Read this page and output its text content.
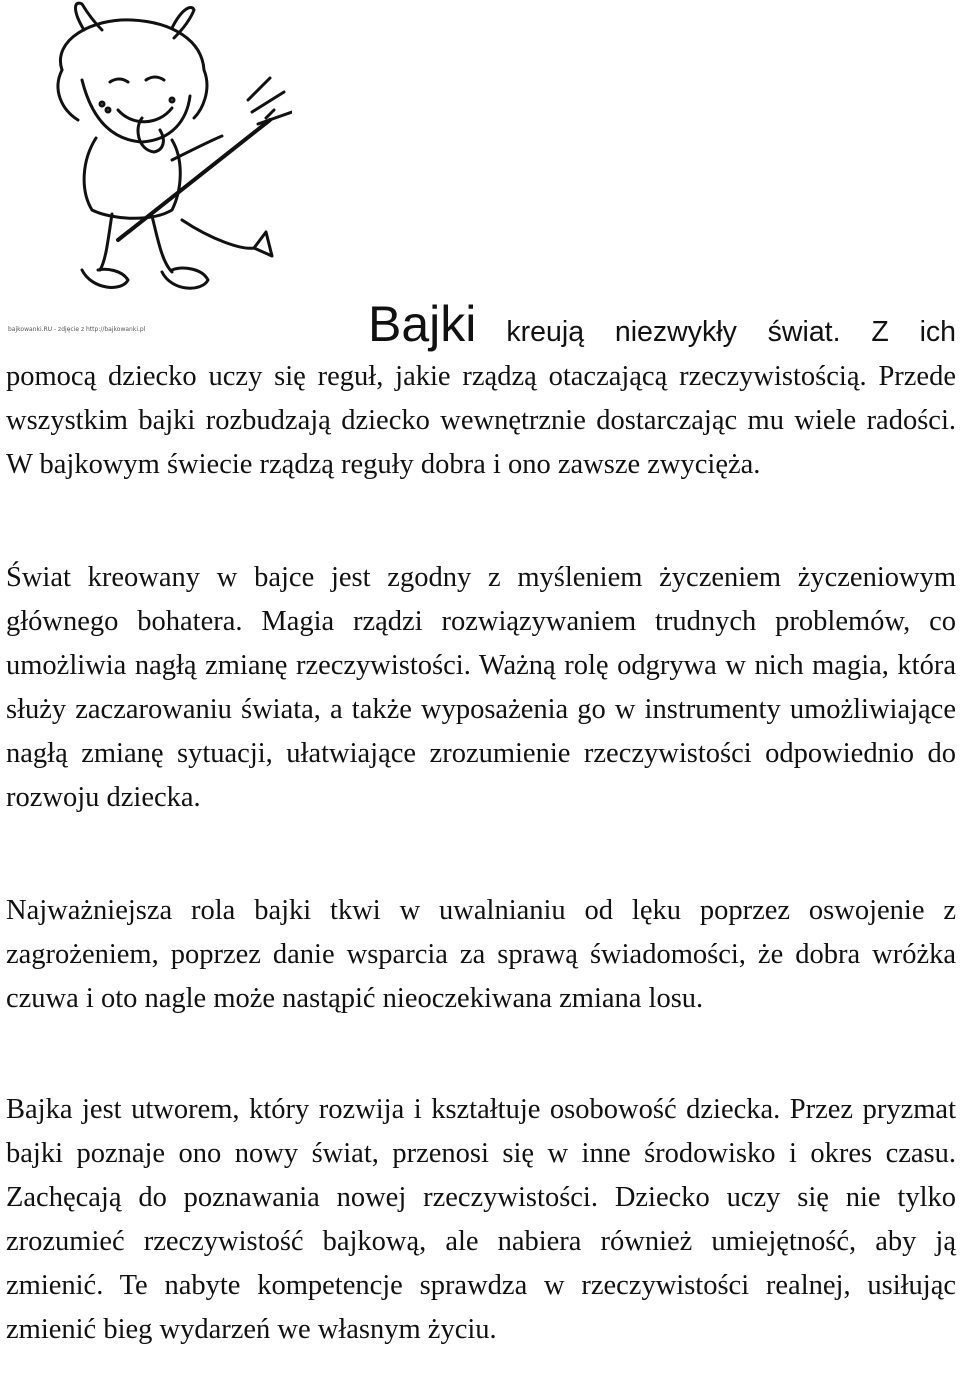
bajkowanki.RU - zdjęcie z http://bajkowanki.pl	Bajki kreują niezwykły świat. Z ich
pomocą dziecko uczy się reguł, jakie rządzą otaczającą rzeczywistością. Przede wszystkim bajki rozbudzają dziecko wewnętrznie dostarczając mu wiele radości. W bajkowym świecie rządzą reguły dobra i ono zawsze zwycięża.

Świat kreowany w bajce jest zgodny z myśleniem życzeniem życzeniowym głównego bohatera. Magia rządzi rozwiązywaniem trudnych problemów, co umożliwia nagłą zmianę rzeczywistości. Ważną rolę odgrywa w nich magia, która służy zaczarowaniu świata, a także wyposażenia go w instrumenty umożliwiające nagłą zmianę sytuacji, ułatwiające zrozumienie rzeczywistości odpowiednio do rozwoju dziecka.

Najważniejsza rola bajki tkwi w uwalnianiu od lęku poprzez oswojenie z zagrożeniem, poprzez danie wsparcia za sprawą świadomości, że dobra wróżka czuwa i oto nagle może nastąpić nieoczekiwana zmiana losu.

Bajka jest utworem, który rozwija i kształtuje osobowość dziecka. Przez pryzmat bajki poznaje ono nowy świat, przenosi się w inne środowisko i okres czasu. Zachęcają do poznawania nowej rzeczywistości. Dziecko uczy się nie tylko zrozumieć rzeczywistość bajkową, ale nabiera również umiejętność, aby ją zmienić. Te nabyte kompetencje sprawdza w rzeczywistości realnej, usiłując zmienić bieg wydarzeń we własnym życiu.
